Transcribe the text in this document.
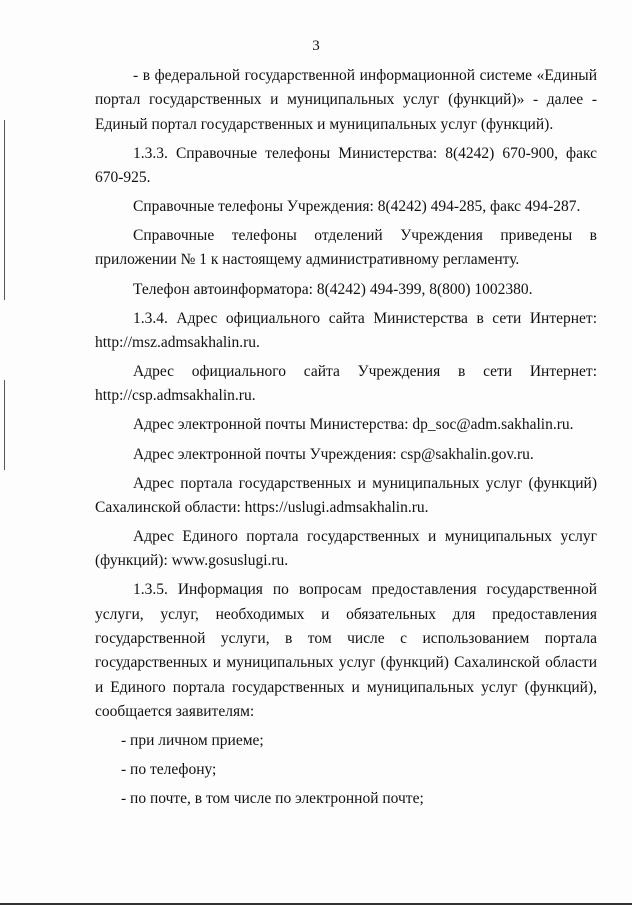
3

- в федеральной государственной информационной системе «Единый портал государственных и муниципальных услуг (функций)» - далее - Единый портал государственных и муниципальных услуг (функций).

1.3.3. Справочные телефоны Министерства: 8(4242) 670-900, факс 670-925.

Справочные телефоны Учреждения: 8(4242) 494-285, факс 494-287.

Справочные телефоны отделений Учреждения приведены в приложении № 1 к настоящему административному регламенту.

Телефон автоинформатора: 8(4242) 494-399, 8(800) 1002380.

1.3.4. Адрес официального сайта Министерства в сети Интернет: http://msz.admsakhalin.ru.

Адрес официального сайта Учреждения в сети Интернет: http://csp.admsakhalin.ru.

Адрес электронной почты Министерства: dp_soc@adm.sakhalin.ru.

Адрес электронной почты Учреждения: csp@sakhalin.gov.ru.

Адрес портала государственных и муниципальных услуг (функций) Сахалинской области: https://uslugi.admsakhalin.ru.

Адрес Единого портала государственных и муниципальных услуг (функций): www.gosuslugi.ru.

1.3.5. Информация по вопросам предоставления государственной услуги, услуг, необходимых и обязательных для предоставления государственной услуги, в том числе с использованием портала государственных и муниципальных услуг (функций) Сахалинской области и Единого портала государственных и муниципальных услуг (функций), сообщается заявителям:

- при личном приеме;
- по телефону;
- по почте, в том числе по электронной почте;
